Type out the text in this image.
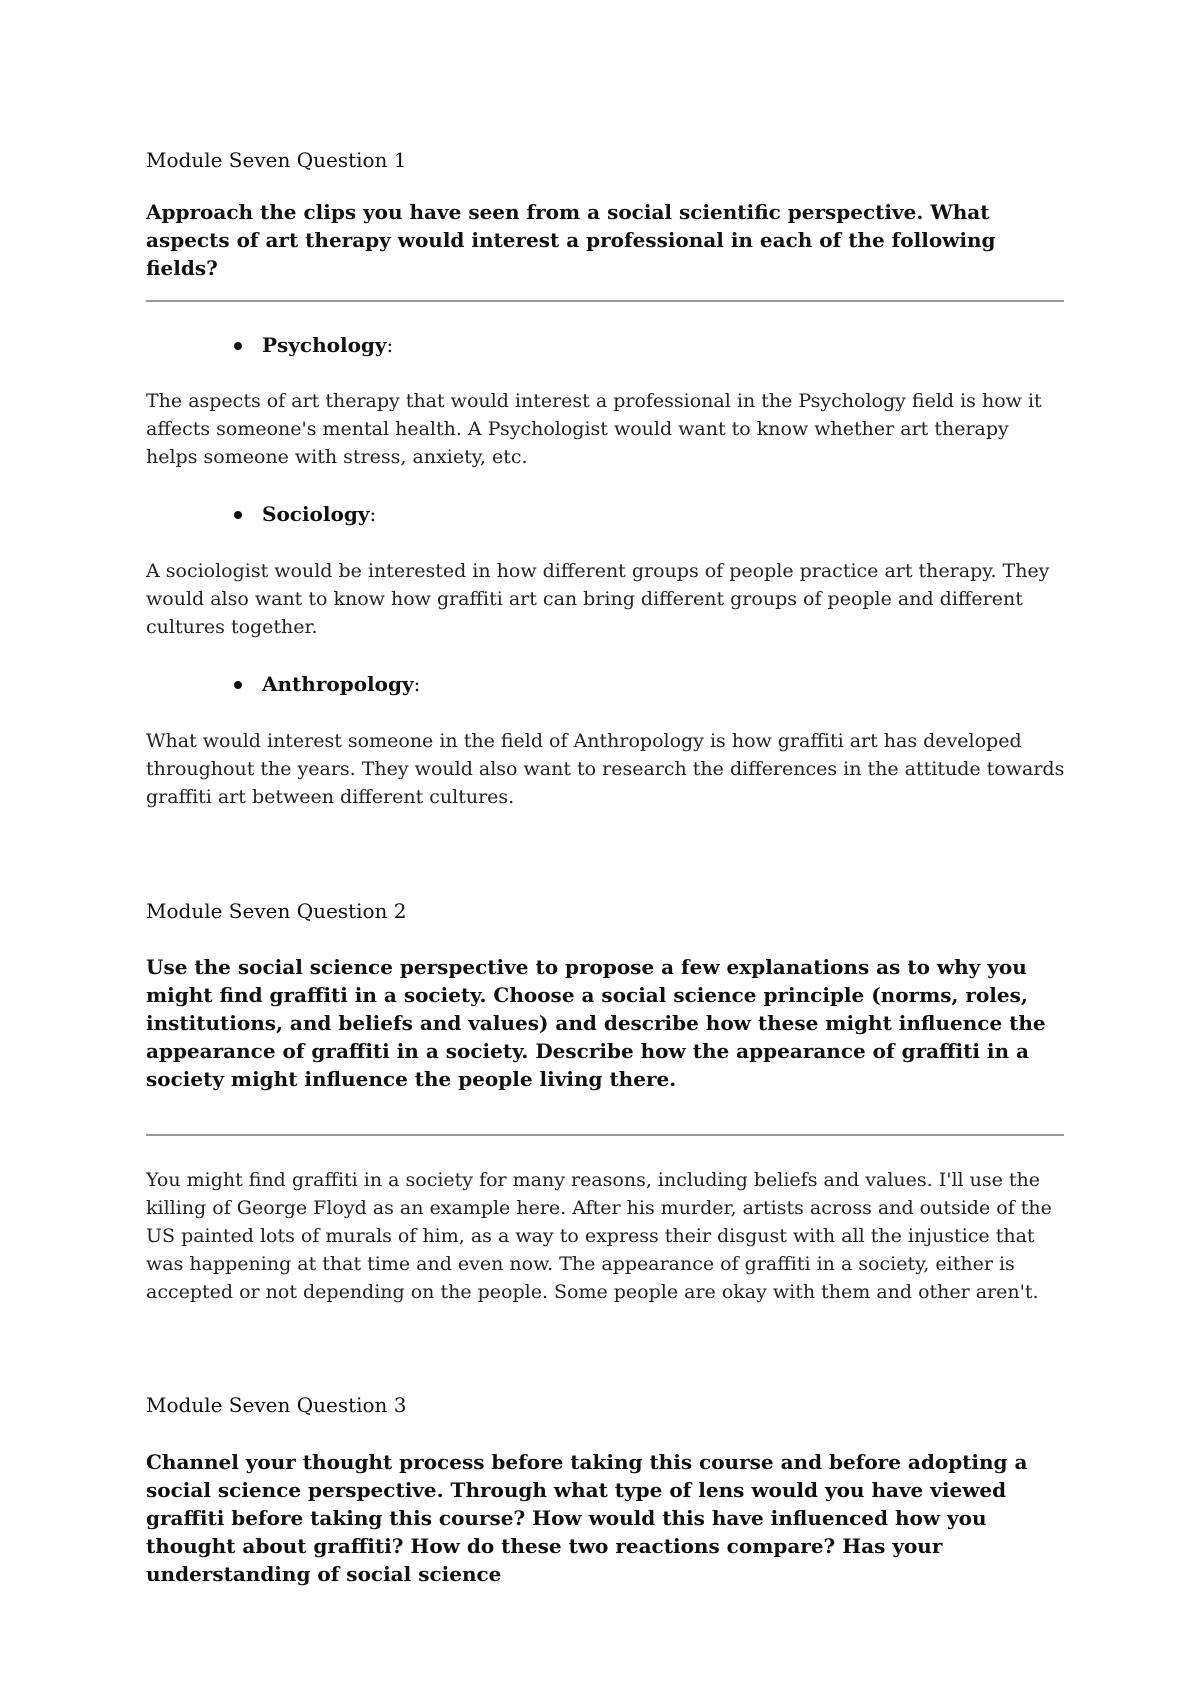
Module Seven Question 1

Approach the clips you have seen from a social scientific perspective. What aspects of art therapy would interest a professional in each of the following fields?

Psychology:

The aspects of art therapy that would interest a professional in the Psychology field is how it affects someone's mental health. A Psychologist would want to know whether art therapy helps someone with stress, anxiety, etc.

Sociology:

A sociologist would be interested in how different groups of people practice art therapy. They would also want to know how graffiti art can bring different groups of people and different cultures together.

Anthropology:

What would interest someone in the field of Anthropology is how graffiti art has developed throughout the years. They would also want to research the differences in the attitude towards graffiti art between different cultures.

Module Seven Question 2

Use the social science perspective to propose a few explanations as to why you might find graffiti in a society. Choose a social science principle (norms, roles, institutions, and beliefs and values) and describe how these might influence the appearance of graffiti in a society. Describe how the appearance of graffiti in a society might influence the people living there.

You might find graffiti in a society for many reasons, including beliefs and values. I'll use the killing of George Floyd as an example here. After his murder, artists across and outside of the US painted lots of murals of him, as a way to express their disgust with all the injustice that was happening at that time and even now. The appearance of graffiti in a society, either is accepted or not depending on the people. Some people are okay with them and other aren't.

Module Seven Question 3

Channel your thought process before taking this course and before adopting a social science perspective. Through what type of lens would you have viewed graffiti before taking this course? How would this have influenced how you thought about graffiti? How do these two reactions compare? Has your understanding of social science
